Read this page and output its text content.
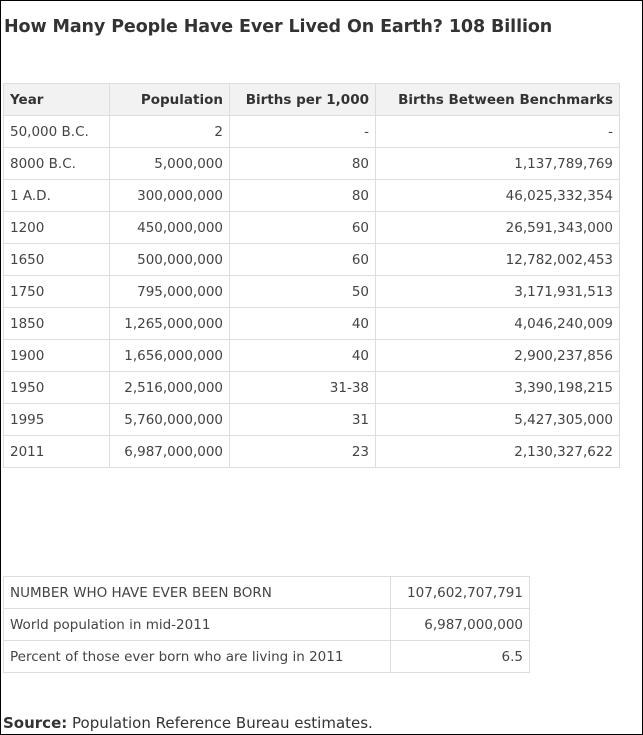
How Many People Have Ever Lived On Earth? 108 Billion
Year	Population	Births per 1,000	Births Between Benchmarks
50,000 B.C.	2	-	-
8000 B.C.	5,000,000	80	1,137,789,769
1 A.D.	300,000,000	80	46,025,332,354
1200	450,000,000	60	26,591,343,000
1650	500,000,000	60	12,782,002,453
1750	795,000,000	50	3,171,931,513
1850	1,265,000,000	40	4,046,240,009
1900	1,656,000,000	40	2,900,237,856
1950	2,516,000,000	31-38	3,390,198,215
1995	5,760,000,000	31	5,427,305,000
2011	6,987,000,000	23	2,130,327,622
NUMBER WHO HAVE EVER BEEN BORN	107,602,707,791
World population in mid-2011	6,987,000,000
Percent of those ever born who are living in 2011	6.5
Source: Population Reference Bureau estimates.
